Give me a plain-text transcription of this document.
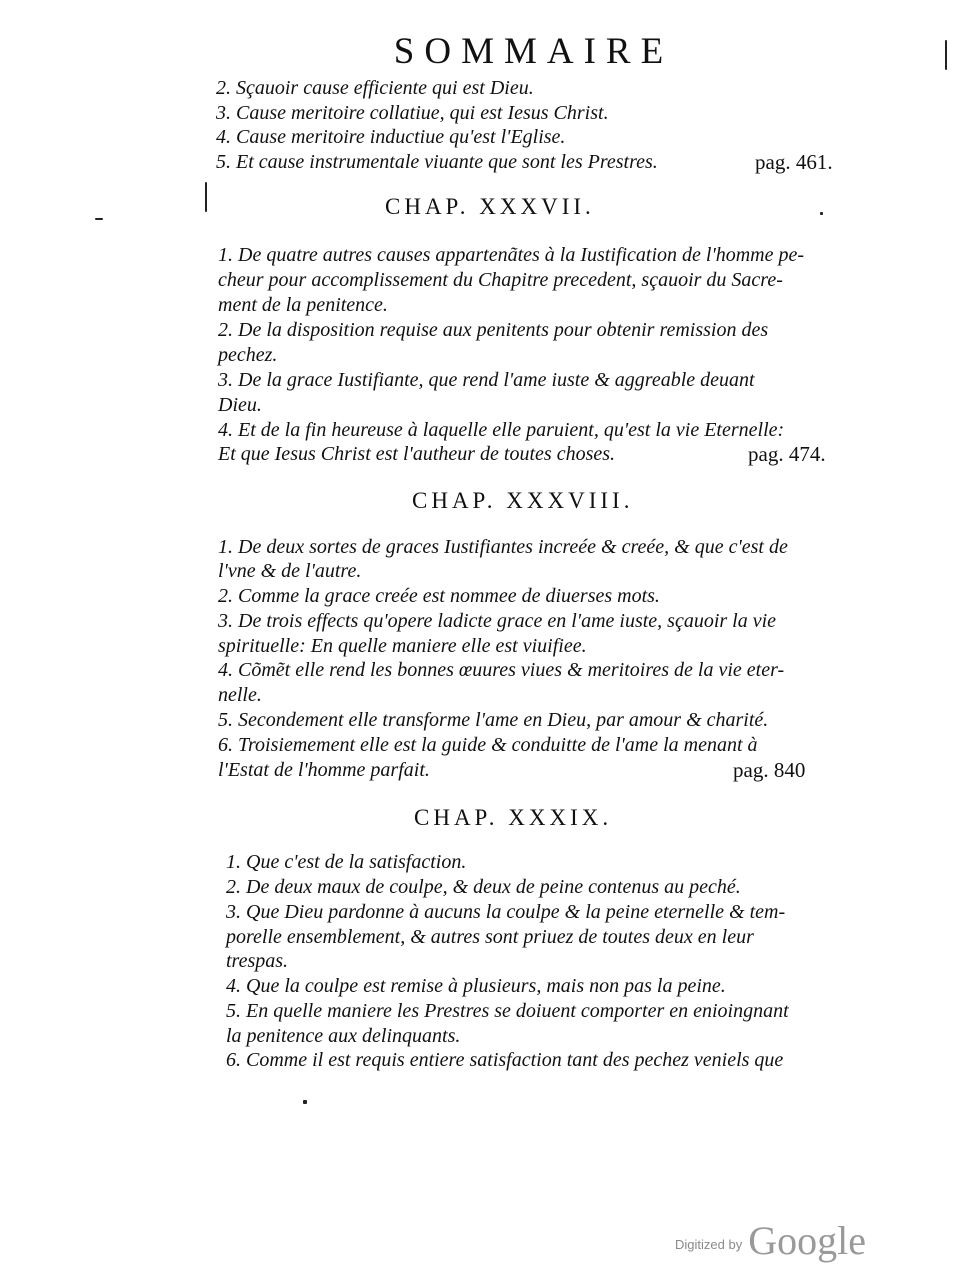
SOMMAIRE
2. Sçauoir cause efficiente qui est Dieu.
3. Cause meritoire collatiue, qui est Iesus Christ.
4. Cause meritoire inductiue qu'est l'Eglise.
5. Et cause instrumentale viuante que sont les Prestres.	pag. 461.
CHAP. XXXVII.
1. De quatre autres causes appartenãtes à la Iustification de l'homme pe-
cheur pour accomplissement du Chapitre precedent, sçauoir du Sacre-
ment de la penitence.
2. De la disposition requise aux penitents pour obtenir remission des
pechez.
3. De la grace Iustifiante, que rend l'ame iuste & aggreable deuant
Dieu.
4. Et de la fin heureuse à laquelle elle paruient, qu'est la vie Eternelle:
Et que Iesus Christ est l'autheur de toutes choses.	pag. 474.
CHAP. XXXVIII.
1. De deux sortes de graces Iustifiantes increée & creée, & que c'est de
l'vne & de l'autre.
2. Comme la grace creée est nommee de diuerses mots.
3. De trois effects qu'opere ladicte grace en l'ame iuste, sçauoir la vie
spirituelle: En quelle maniere elle est viuifiee.
4. Cõmẽt elle rend les bonnes œuures viues & meritoires de la vie eter-
nelle.
5. Secondement elle transforme l'ame en Dieu, par amour & charité.
6. Troisiemement elle est la guide & conduitte de l'ame la menant à
l'Estat de l'homme parfait.	pag. 840
CHAP. XXXIX.
1. Que c'est de la satisfaction.
2. De deux maux de coulpe, & deux de peine contenus au peché.
3. Que Dieu pardonne à aucuns la coulpe & la peine eternelle & tem-
porelle ensemblement, & autres sont priuez de toutes deux en leur
trespas.
4. Que la coulpe est remise à plusieurs, mais non pas la peine.
5. En quelle maniere les Prestres se doiuent comporter en enioingnant
la penitence aux delinquants.
6. Comme il est requis entiere satisfaction tant des pechez veniels que
$^{Digitized by}$ Google
